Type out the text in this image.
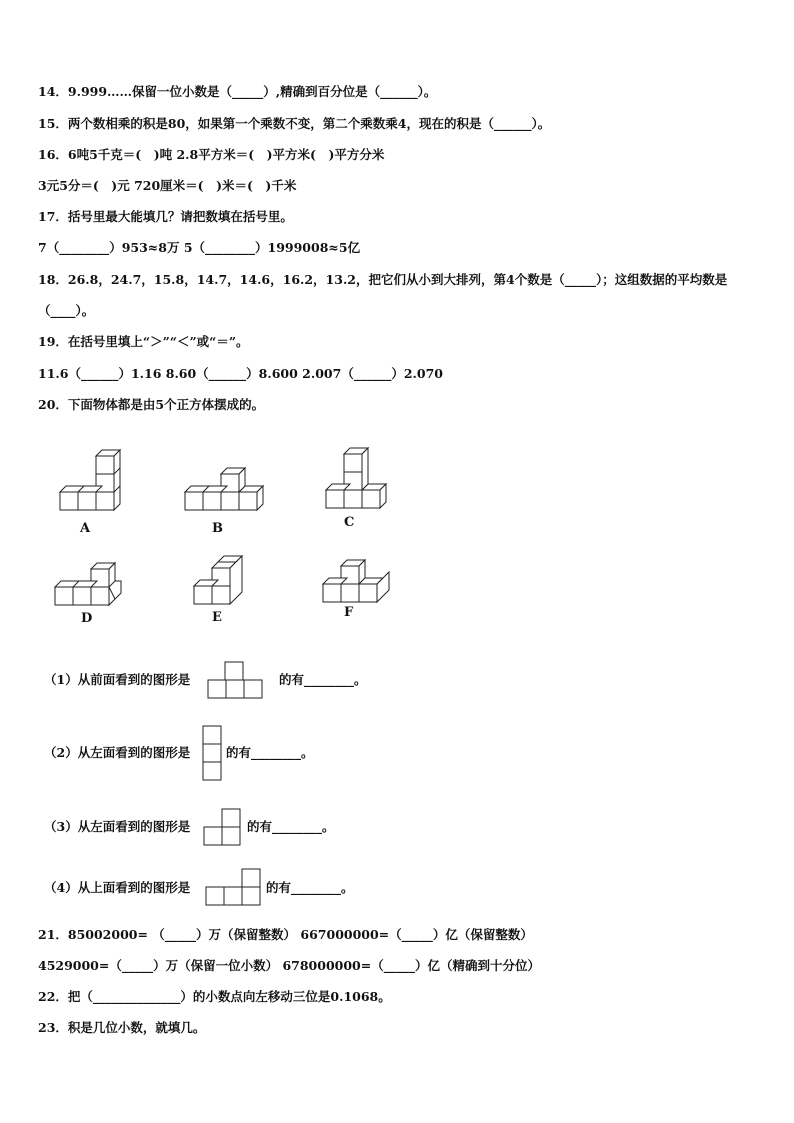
14．9.999……保留一位小数是（_____）,精确到百分位是（______）。
15．两个数相乘的积是80，如果第一个乘数不变，第二个乘数乘4，现在的积是（______）。
16．6吨5千克＝(　)吨 2.8平方米＝(　)平方米(　)平方分米
3元5分＝(　)元 720厘米＝(　)米＝(　)千米
17．括号里最大能填几？请把数填在括号里。
7（________）953≈8万 5（________）1999008≈5亿
18．26.8，24.7，15.8，14.7，14.6，16.2，13.2，把它们从小到大排列，第4个数是（_____）；这组数据的平均数是
（____）。
19．在括号里填上“＞”“＜”或“＝”。
11.6（______）1.16 8.60（______）8.600 2.007（______）2.070
20．下面物体都是由5个正方体摆成的。
A	B	C
D	E	F
（1）从前面看到的图形是	的有________。
（2）从左面看到的图形是	的有________。
（3）从左面看到的图形是	的有________。
（4）从上面看到的图形是	的有________。
21．85002000= （_____）万（保留整数） 667000000=（_____）亿（保留整数）
4529000=（_____）万（保留一位小数） 678000000=（_____）亿（精确到十分位）
22．把（______________）的小数点向左移动三位是0.1068。
23．积是几位小数，就填几。
